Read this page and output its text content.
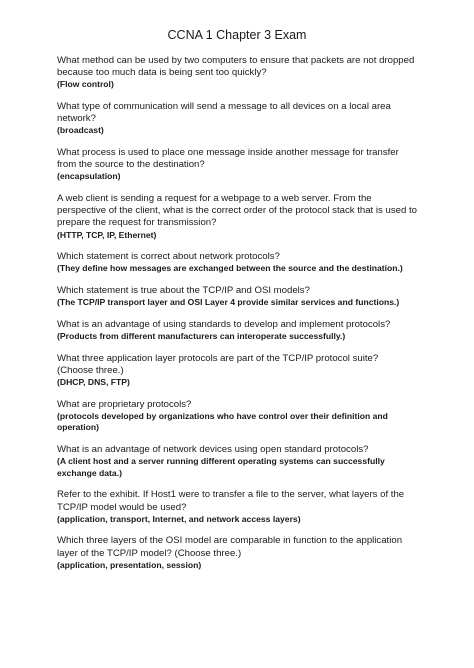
CCNA 1 Chapter 3 Exam

What method can be used by two computers to ensure that packets are not dropped because too much data is being sent too quickly?

(Flow control)

What type of communication will send a message to all devices on a local area network?

(broadcast)

What process is used to place one message inside another message for transfer from the source to the destination?

(encapsulation)

A web client is sending a request for a webpage to a web server. From the perspective of the client, what is the correct order of the protocol stack that is used to prepare the request for transmission?

(HTTP, TCP, IP, Ethernet)

Which statement is correct about network protocols?

(They define how messages are exchanged between the source and the destination.)

Which statement is true about the TCP/IP and OSI models?

(The TCP/IP transport layer and OSI Layer 4 provide similar services and functions.)

What is an advantage of using standards to develop and implement protocols?

(Products from different manufacturers can interoperate successfully.)

What three application layer protocols are part of the TCP/IP protocol suite? (Choose three.)

(DHCP, DNS, FTP)

What are proprietary protocols?

(protocols developed by organizations who have control over their definition and operation)

What is an advantage of network devices using open standard protocols?

(A client host and a server running different operating systems can successfully exchange data.)

Refer to the exhibit. If Host1 were to transfer a file to the server, what layers of the TCP/IP model would be used?

(application, transport, Internet, and network access layers)

Which three layers of the OSI model are comparable in function to the application layer of the TCP/IP model? (Choose three.)

(application, presentation, session)
